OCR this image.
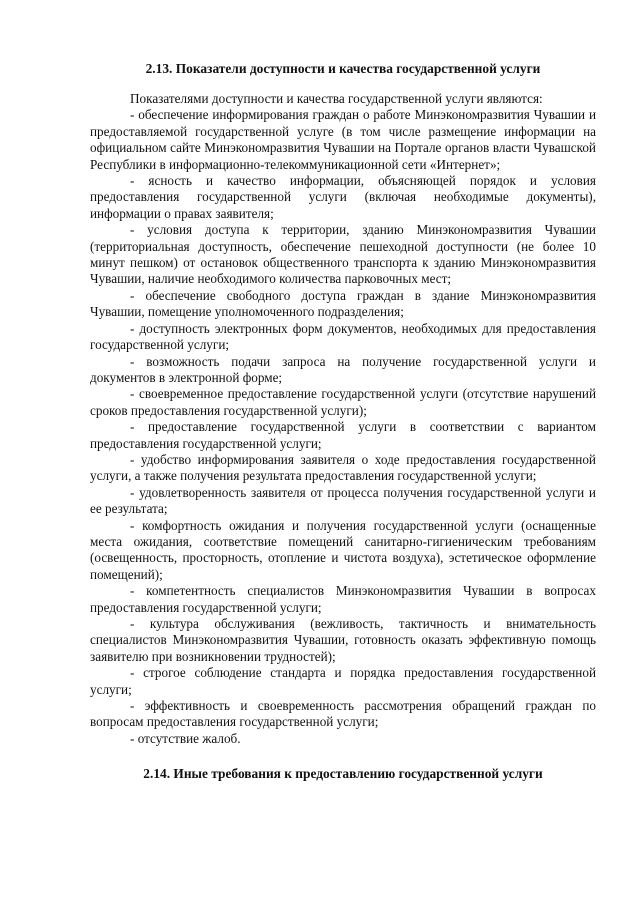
2.13. Показатели доступности и качества государственной услуги

Показателями доступности и качества государственной услуги являются:

- обеспечение информирования граждан о работе Минэкономразвития Чувашии и предоставляемой государственной услуге (в том числе размещение информации на официальном сайте Минэкономразвития Чувашии на Портале органов власти Чувашской Республики в информационно-телекоммуникационной сети «Интернет»;

- ясность и качество информации, объясняющей порядок и условия предоставления государственной услуги (включая необходимые документы), информации о правах заявителя;

- условия доступа к территории, зданию Минэкономразвития Чувашии (территориальная доступность, обеспечение пешеходной доступности (не более 10 минут пешком) от остановок общественного транспорта к зданию Минэкономразвития Чувашии, наличие необходимого количества парковочных мест;

- обеспечение свободного доступа граждан в здание Минэкономразвития Чувашии, помещение уполномоченного подразделения;

- доступность электронных форм документов, необходимых для предоставления государственной услуги;

- возможность подачи запроса на получение государственной услуги и документов в электронной форме;

- своевременное предоставление государственной услуги (отсутствие нарушений сроков предоставления государственной услуги);

- предоставление государственной услуги в соответствии с вариантом предоставления государственной услуги;

- удобство информирования заявителя о ходе предоставления государственной услуги, а также получения результата предоставления государственной услуги;

- удовлетворенность заявителя от процесса получения государственной услуги и ее результата;

- комфортность ожидания и получения государственной услуги (оснащенные места ожидания, соответствие помещений санитарно-гигиеническим требованиям (освещенность, просторность, отопление и чистота воздуха), эстетическое оформление помещений);

- компетентность специалистов Минэкономразвития Чувашии в вопросах предоставления государственной услуги;

- культура обслуживания (вежливость, тактичность и внимательность специалистов Минэкономразвития Чувашии, готовность оказать эффективную помощь заявителю при возникновении трудностей);

- строгое соблюдение стандарта и порядка предоставления государственной услуги;

- эффективность и своевременность рассмотрения обращений граждан по вопросам предоставления государственной услуги;

- отсутствие жалоб.

2.14. Иные требования к предоставлению государственной услуги
